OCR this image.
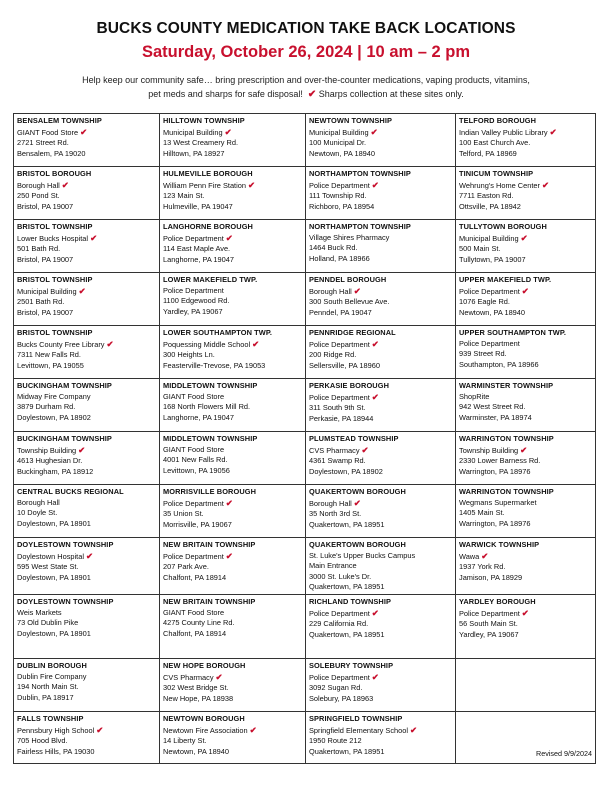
BUCKS COUNTY MEDICATION TAKE BACK LOCATIONS
Saturday, October 26, 2024 | 10 am – 2 pm
Help keep our community safe… bring prescription and over-the-counter medications, vaping products, vitamins,
pet meds and sharps for safe disposal! ✔ Sharps collection at these sites only.
BENSALEM TOWNSHIP
GIANT Food Store ✔
2721 Street Rd.
Bensalem, PA 19020	HILLTOWN TOWNSHIP
Municipal Building ✔
13 West Creamery Rd.
Hilltown, PA 18927	NEWTOWN TOWNSHIP
Municipal Building ✔
100 Municipal Dr.
Newtown, PA 18940	TELFORD BOROUGH
Indian Valley Public Library ✔
100 East Church Ave.
Telford, PA 18969

BRISTOL BOROUGH
Borough Hall ✔
250 Pond St.
Bristol, PA 19007	HULMEVILLE BOROUGH
William Penn Fire Station ✔
123 Main St.
Hulmeville, PA 19047	NORTHAMPTON TOWNSHIP
Police Department ✔
111 Township Rd.
Richboro, PA 18954	TINICUM TOWNSHIP
Wehrung's Home Center ✔
7711 Easton Rd.
Ottsville, PA 18942

BRISTOL TOWNSHIP
Lower Bucks Hospital ✔
501 Bath Rd.
Bristol, PA 19007	LANGHORNE BOROUGH
Police Department ✔
114 East Maple Ave.
Langhorne, PA 19047	NORTHAMPTON TOWNSHIP
Village Shires Pharmacy
1464 Buck Rd.
Holland, PA 18966	TULLYTOWN BOROUGH
Municipal Building ✔
500 Main St.
Tullytown, PA 19007

BRISTOL TOWNSHIP
Municipal Building ✔
2501 Bath Rd.
Bristol, PA 19007	LOWER MAKEFIELD TWP.
Police Department
1100 Edgewood Rd.
Yardley, PA 19067	PENNDEL BOROUGH
Borough Hall ✔
300 South Bellevue Ave.
Penndel, PA 19047	UPPER MAKEFIELD TWP.
Police Department ✔
1076 Eagle Rd.
Newtown, PA 18940

BRISTOL TOWNSHIP
Bucks County Free Library ✔
7311 New Falls Rd.
Levittown, PA 19055	LOWER SOUTHAMPTON TWP.
Poquessing Middle School ✔
300 Heights Ln.
Feasterville-Trevose, PA 19053	PENNRIDGE REGIONAL
Police Department ✔
200 Ridge Rd.
Sellersville, PA 18960	UPPER SOUTHAMPTON TWP.
Police Department
939 Street Rd.
Southampton, PA 18966

BUCKINGHAM TOWNSHIP
Midway Fire Company
3879 Durham Rd.
Doylestown, PA 18902	MIDDLETOWN TOWNSHIP
GIANT Food Store
168 North Flowers Mill Rd.
Langhorne, PA 19047	PERKASIE BOROUGH
Police Department ✔
311 South 9th St.
Perkasie, PA 18944	WARMINSTER TOWNSHIP
ShopRite
942 West Street Rd.
Warminster, PA 18974

BUCKINGHAM TOWNSHIP
Township Building ✔
4613 Hughesian Dr.
Buckingham, PA 18912	MIDDLETOWN TOWNSHIP
GIANT Food Store
4001 New Falls Rd.
Levittown, PA 19056	PLUMSTEAD TOWNSHIP
CVS Pharmacy ✔
4361 Swamp Rd.
Doylestown, PA 18902	WARRINGTON TOWNSHIP
Township Building ✔
2330 Lower Barness Rd.
Warrington, PA 18976

CENTRAL BUCKS REGIONAL
Borough Hall
10 Doyle St.
Doylestown, PA 18901	MORRISVILLE BOROUGH
Police Department ✔
35 Union St.
Morrisville, PA 19067	QUAKERTOWN BOROUGH
Borough Hall ✔
35 North 3rd St.
Quakertown, PA 18951	WARRINGTON TOWNSHIP
Wegmans Supermarket
1405 Main St.
Warrington, PA 18976

DOYLESTOWN TOWNSHIP
Doylestown Hospital ✔
595 West State St.
Doylestown, PA 18901	NEW BRITAIN TOWNSHIP
Police Department ✔
207 Park Ave.
Chalfont, PA 18914	QUAKERTOWN BOROUGH
St. Luke's Upper Bucks Campus
Main Entrance
3000 St. Luke's Dr.
Quakertown, PA 18951	WARWICK TOWNSHIP
Wawa ✔
1937 York Rd.
Jamison, PA 18929

DOYLESTOWN TOWNSHIP
Weis Markets
73 Old Dublin Pike
Doylestown, PA 18901	NEW BRITAIN TOWNSHIP
GIANT Food Store
4275 County Line Rd.
Chalfont, PA 18914	RICHLAND TOWNSHIP
Police Department ✔
229 California Rd.
Quakertown, PA 18951	YARDLEY BOROUGH
Police Department ✔
56 South Main St.
Yardley, PA 19067

DUBLIN BOROUGH
Dublin Fire Company
194 North Main St.
Dublin, PA 18917	NEW HOPE BOROUGH
CVS Pharmacy ✔
302 West Bridge St.
New Hope, PA 18938	SOLEBURY TOWNSHIP
Police Department ✔
3092 Sugan Rd.
Solebury, PA 18963	

FALLS TOWNSHIP
Pennsbury High School ✔
705 Hood Blvd.
Fairless Hills, PA 19030	NEWTOWN BOROUGH
Newtown Fire Association ✔
14 Liberty St.
Newtown, PA 18940	SPRINGFIELD TOWNSHIP
Springfield Elementary School ✔
1950 Route 212
Quakertown, PA 18951	Revised 9/9/2024
